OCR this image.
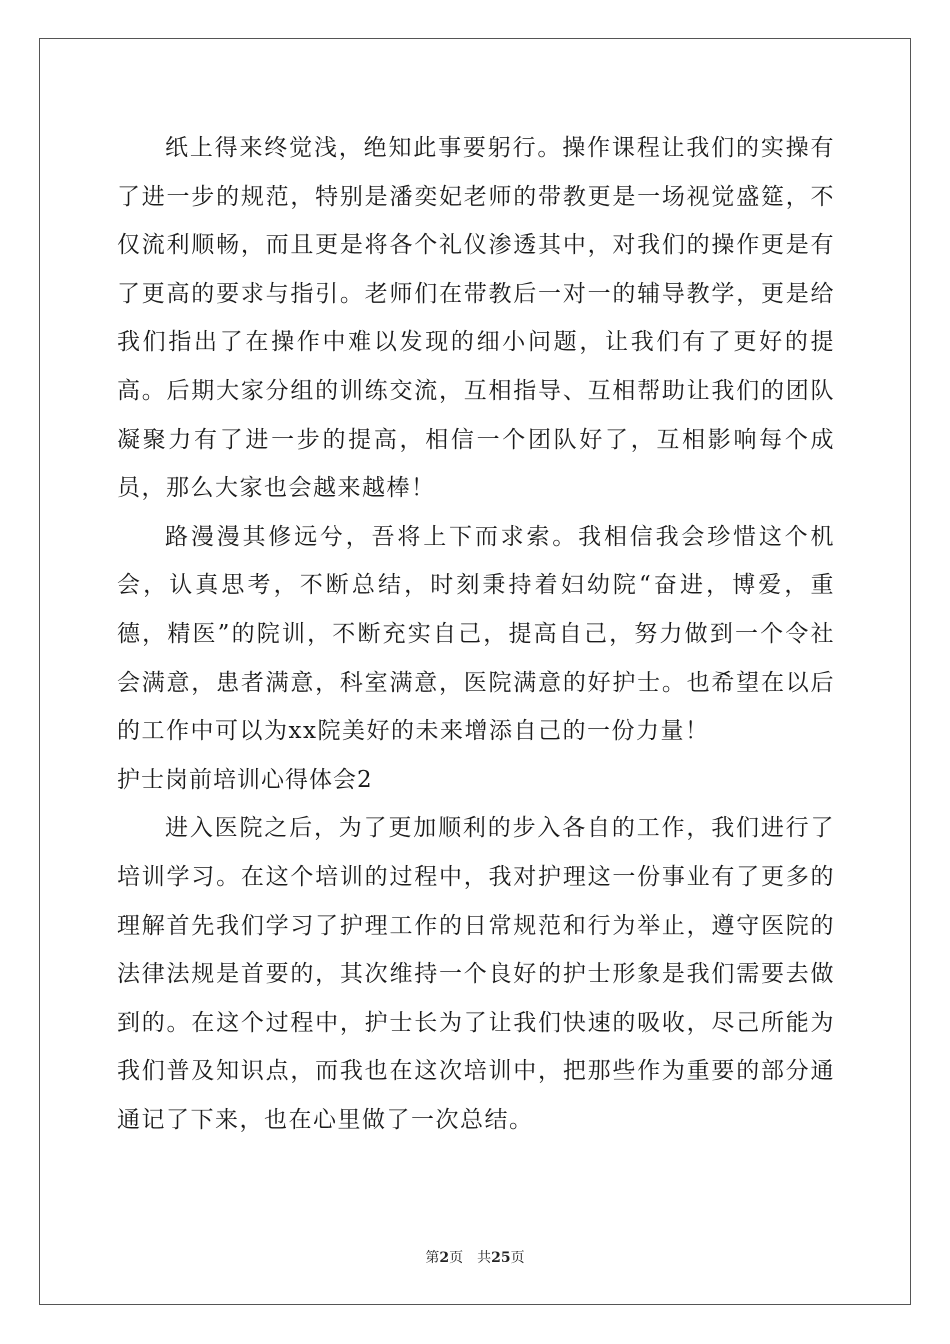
纸上得来终觉浅，绝知此事要躬行。操作课程让我们的实操有了进一步的规范，特别是潘奕妃老师的带教更是一场视觉盛筵，不仅流利顺畅，而且更是将各个礼仪渗透其中，对我们的操作更是有了更高的要求与指引。老师们在带教后一对一的辅导教学，更是给我们指出了在操作中难以发现的细小问题，让我们有了更好的提高。后期大家分组的训练交流，互相指导、互相帮助让我们的团队凝聚力有了进一步的提高，相信一个团队好了，互相影响每个成员，那么大家也会越来越棒！

路漫漫其修远兮，吾将上下而求索。我相信我会珍惜这个机会，认真思考，不断总结，时刻秉持着妇幼院“奋进，博爱，重德，精医”的院训，不断充实自己，提高自己，努力做到一个令社会满意，患者满意，科室满意，医院满意的好护士。也希望在以后的工作中可以为xx院美好的未来增添自己的一份力量！

护士岗前培训心得体会2

进入医院之后，为了更加顺利的步入各自的工作，我们进行了培训学习。在这个培训的过程中，我对护理这一份事业有了更多的理解首先我们学习了护理工作的日常规范和行为举止，遵守医院的法律法规是首要的，其次维持一个良好的护士形象是我们需要去做到的。在这个过程中，护士长为了让我们快速的吸收，尽己所能为我们普及知识点，而我也在这次培训中，把那些作为重要的部分通通记了下来，也在心里做了一次总结。

第2页 共25页
